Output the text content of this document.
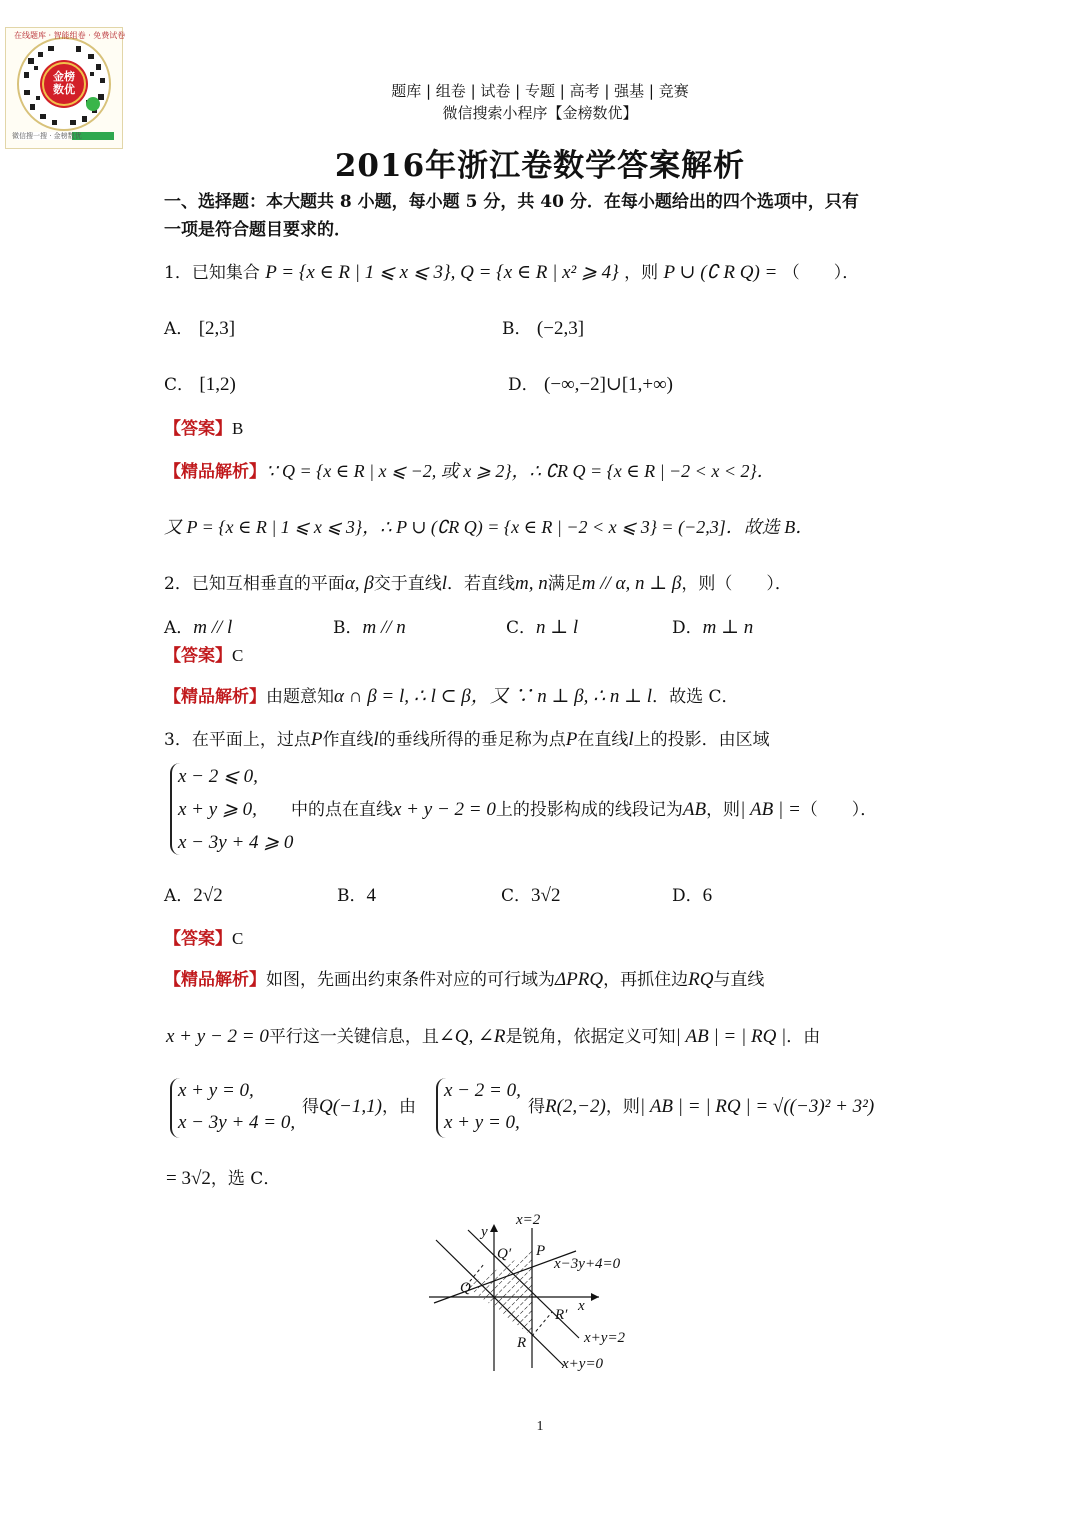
在线题库 · 智能组卷 · 免费试卷
金榜数优
微信搜一搜 · 金榜数优
题库 | 组卷 | 试卷 | 专题 | 高考 | 强基 | 竞赛
微信搜索小程序【金榜数优】
2016年浙江卷数学答案解析
一、选择题：本大题共 8 小题，每小题 5 分，共 40 分．在每小题给出的四个选项中，只有
一项是符合题目要求的．
1．已知集合 P = {x ∈ R | 1 ⩽ x ⩽ 3}, Q = {x ∈ R | x² ⩾ 4} ，则 P ∪ (∁ R Q) = （　　）．
A． [2,3]	B． (−2,3]
C． [1,2)	D． (−∞,−2]∪[1,+∞)
【答案】B
【精品解析】∵ Q = {x ∈ R | x ⩽ −2, 或 x ⩾ 2}，∴ ∁R Q = {x ∈ R | −2 < x < 2}．
又 P = {x ∈ R | 1 ⩽ x ⩽ 3}，∴ P ∪ (∁R Q) = {x ∈ R | −2 < x ⩽ 3} = (−2,3]．故选 B．
2．已知互相垂直的平面α, β交于直线l．若直线m, n满足m // α, n ⊥ β，则（　　）．
A．m // l	B．m // n	C．n ⊥ l	D．m ⊥ n
【答案】C
【精品解析】由题意知α ∩ β = l, ∴ l ⊂ β，又 ∵ n ⊥ β, ∴ n ⊥ l．故选 C．
3．在平面上，过点P作直线l的垂线所得的垂足称为点P在直线l上的投影．由区域
x − 2 ⩽ 0,
x + y ⩾ 0,
x − 3y + 4 ⩾ 0
中的点在直线x + y − 2 = 0上的投影构成的线段记为AB，则| AB | =（　　）．
A．2√2	B．4	C．3√2	D．6
【答案】C
【精品解析】如图，先画出约束条件对应的可行域为ΔPRQ，再抓住边RQ与直线
x + y − 2 = 0平行这一关键信息，且∠Q, ∠R是锐角，依据定义可知| AB | = | RQ |．由
x + y = 0,
x − 3y + 4 = 0,
得Q(−1,1)，由
x − 2 = 0,
x + y = 0,
得R(2,−2)，则| AB | = | RQ | = √((−3)² + 3²)
= 3√2，选 C．
y
x
P
Q
Q′
R
R′
x=2
x−3y+4=0
x+y=2
x+y=0
1
